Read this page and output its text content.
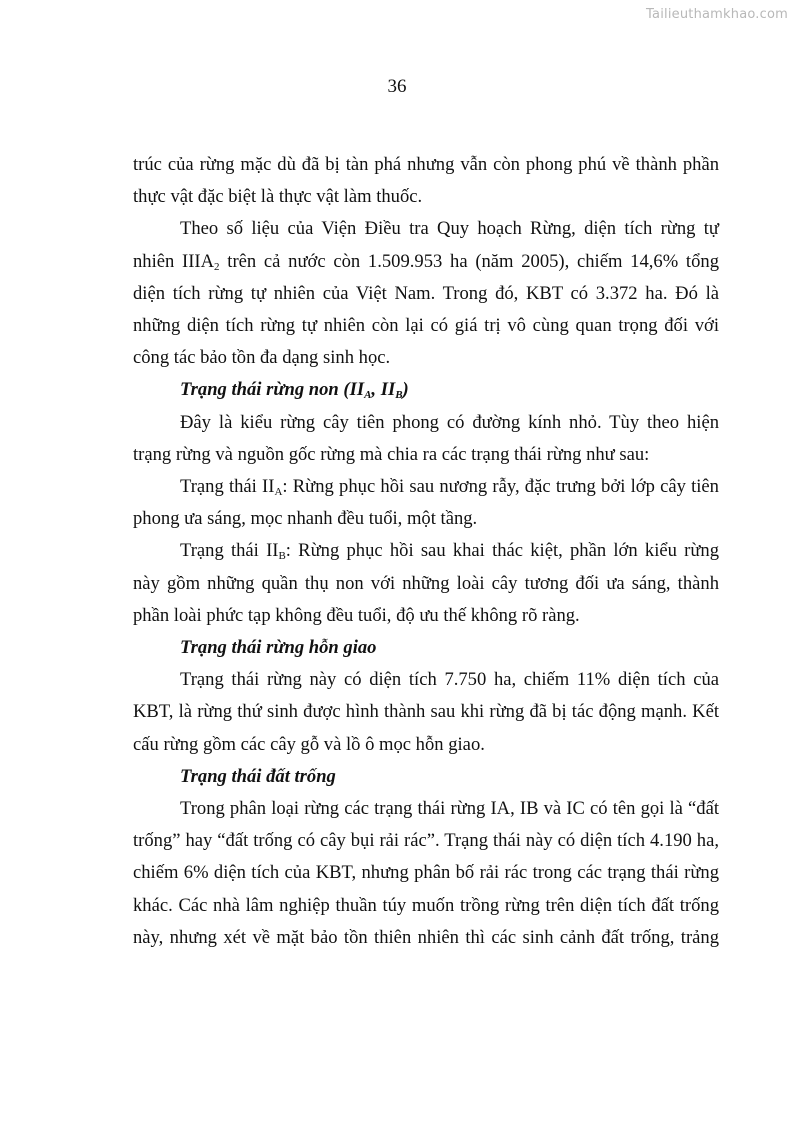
Tailieuthamkhao.com
36

trúc của rừng mặc dù đã bị tàn phá nhưng vẫn còn phong phú về thành phần
thực vật đặc biệt là thực vật làm thuốc.

Theo số liệu của Viện Điều tra Quy hoạch Rừng, diện tích rừng tự
nhiên $IIIA_2$ trên cả nước còn 1.509.953 ha (năm 2005), chiếm 14,6% tổng
diện tích rừng tự nhiên của Việt Nam. Trong đó, KBT có 3.372 ha. Đó là
những diện tích rừng tự nhiên còn lại có giá trị vô cùng quan trọng đối với
công tác bảo tồn đa dạng sinh học.

Trạng thái rừng non ($II_A$, $II_B$)

Đây là kiểu rừng cây tiên phong có đường kính nhỏ. Tùy theo hiện
trạng rừng và nguồn gốc rừng mà chia ra các trạng thái rừng như sau:

Trạng thái $II_A$: Rừng phục hồi sau nương rẫy, đặc trưng bởi lớp cây tiên
phong ưa sáng, mọc nhanh đều tuổi, một tầng.

Trạng thái $II_B$: Rừng phục hồi sau khai thác kiệt, phần lớn kiểu rừng
này gồm những quần thụ non với những loài cây tương đối ưa sáng, thành
phần loài phức tạp không đều tuổi, độ ưu thế không rõ ràng.

Trạng thái rừng hỗn giao

Trạng thái rừng này có diện tích 7.750 ha, chiếm 11% diện tích của
KBT, là rừng thứ sinh được hình thành sau khi rừng đã bị tác động mạnh. Kết
cấu rừng gồm các cây gỗ và lồ ô mọc hỗn giao.

Trạng thái đất trống

Trong phân loại rừng các trạng thái rừng IA, IB và IC có tên gọi là “đất
trống” hay “đất trống có cây bụi rải rác”. Trạng thái này có diện tích 4.190 ha,
chiếm 6% diện tích của KBT, nhưng phân bố rải rác trong các trạng thái rừng
khác. Các nhà lâm nghiệp thuần túy muốn trồng rừng trên diện tích đất trống
này, nhưng xét về mặt bảo tồn thiên nhiên thì các sinh cảnh đất trống, trảng
